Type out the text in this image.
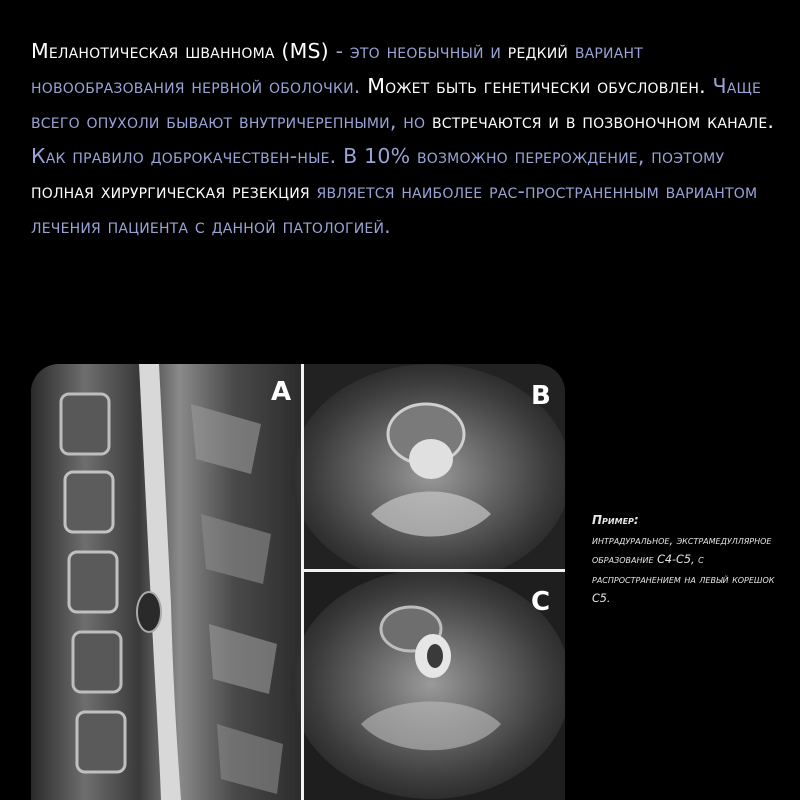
Меланотическая шваннома (MS) - это необычный и редкий вариант новообразования нервной оболочки. Может быть генетически обусловлен. Чаще всего опухоли бывают внутричерепными, но встречаются и в позвоночном канале. Как правило доброкачествен-ные. В 10% возможно перерождение, поэтому полная хирургическая резекция является наиболее рас-пространенным вариантом лечения пациента с данной патологией.

A	B
C
Пример:
интрадуральное, экстрамедуллярное образование С4-С5, с распространением на левый корешок С5.
